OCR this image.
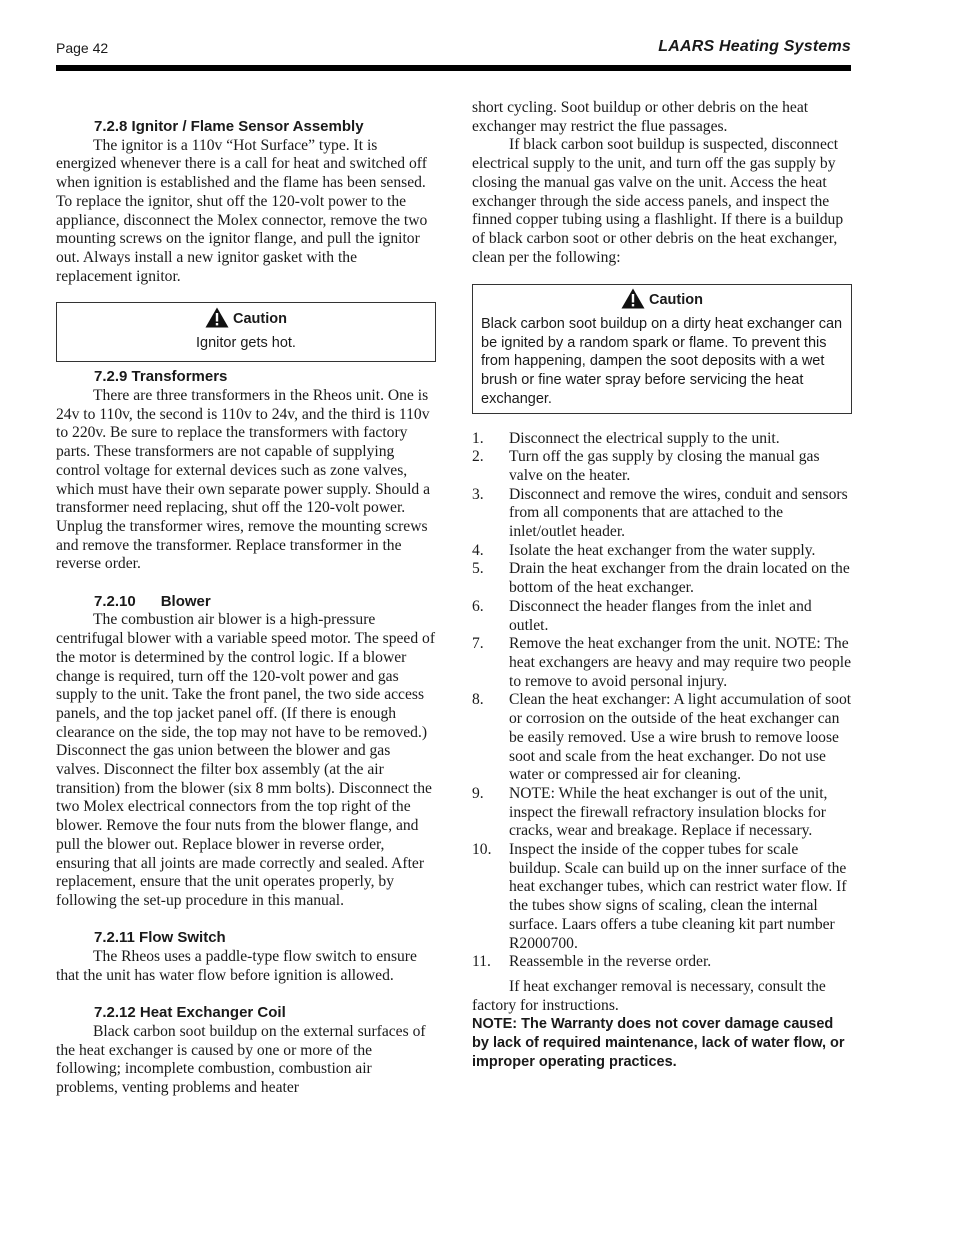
Page 42	LAARS Heating Systems

7.2.8 Ignitor / Flame Sensor Assembly

The ignitor is a 110v “Hot Surface” type. It is energized whenever there is a call for heat and switched off when ignition is established and the flame has been sensed. To replace the ignitor, shut off the 120-volt power to the appliance, disconnect the Molex connector, remove the two mounting screws on the ignitor flange, and pull the ignitor out. Always install a new ignitor gasket with the replacement ignitor.

Caution
Ignitor gets hot.

7.2.9 Transformers

There are three transformers in the Rheos unit. One is 24v to 110v, the second is 110v to 24v, and the third is 110v to 220v. Be sure to replace the transformers with factory parts. These transformers are not capable of supplying control voltage for external devices such as zone valves, which must have their own separate power supply. Should a transformer need replacing, shut off the 120-volt power. Unplug the transformer wires, remove the mounting screws and remove the transformer. Replace transformer in the reverse order.

7.2.10      Blower

The combustion air blower is a high-pressure centrifugal blower with a variable speed motor. The speed of the motor is determined by the control logic. If a blower change is required, turn off the 120-volt power and gas supply to the unit. Take the front panel, the two side access panels, and the top jacket panel off. (If there is enough clearance on the side, the top may not have to be removed.) Disconnect the gas union between the blower and gas valves. Disconnect the filter box assembly (at the air transition) from the blower (six 8 mm bolts). Disconnect the two Molex electrical connectors from the top right of the blower. Remove the four nuts from the blower flange, and pull the blower out. Replace blower in reverse order, ensuring that all joints are made correctly and sealed. After replacement, ensure that the unit operates properly, by following the set-up procedure in this manual.

7.2.11 Flow Switch

The Rheos uses a paddle-type flow switch to ensure that the unit has water flow before ignition is allowed.

7.2.12 Heat Exchanger Coil

Black carbon soot buildup on the external surfaces of the heat exchanger is caused by one or more of the following; incomplete combustion, combustion air problems, venting problems and heater

short cycling. Soot buildup or other debris on the heat exchanger may restrict the flue passages.

If black carbon soot buildup is suspected, disconnect electrical supply to the unit, and turn off the gas supply by closing the manual gas valve on the unit. Access the heat exchanger through the side access panels, and inspect the finned copper tubing using a flashlight. If there is a buildup of black carbon soot or other debris on the heat exchanger, clean per the following:

Caution
Black carbon soot buildup on a dirty heat exchanger can be ignited by a random spark or flame. To prevent this from happening, dampen the soot deposits with a wet brush or fine water spray before servicing the heat exchanger.
1. Disconnect the electrical supply to the unit.
2. Turn off the gas supply by closing the manual gas valve on the heater.
3. Disconnect and remove the wires, conduit and sensors from all components that are attached to the inlet/outlet header.
4. Isolate the heat exchanger from the water supply.
5. Drain the heat exchanger from the drain located on the bottom of the heat exchanger.
6. Disconnect the header flanges from the inlet and outlet.
7. Remove the heat exchanger from the unit. NOTE: The heat exchangers are heavy and may require two people to remove to avoid personal injury.
8. Clean the heat exchanger: A light accumulation of soot or corrosion on the outside of the heat exchanger can be easily removed. Use a wire brush to remove loose soot and scale from the heat exchanger. Do not use water or compressed air for cleaning.
9. NOTE: While the heat exchanger is out of the unit, inspect the firewall refractory insulation blocks for cracks, wear and breakage. Replace if necessary.
10. Inspect the inside of the copper tubes for scale buildup. Scale can build up on the inner surface of the heat exchanger tubes, which can restrict water flow. If the tubes show signs of scaling, clean the internal surface. Laars offers a tube cleaning kit part number R2000700.
11. Reassemble in the reverse order.

If heat exchanger removal is necessary, consult the factory for instructions.

NOTE: The Warranty does not cover damage caused by lack of required maintenance, lack of water flow, or improper operating practices.
